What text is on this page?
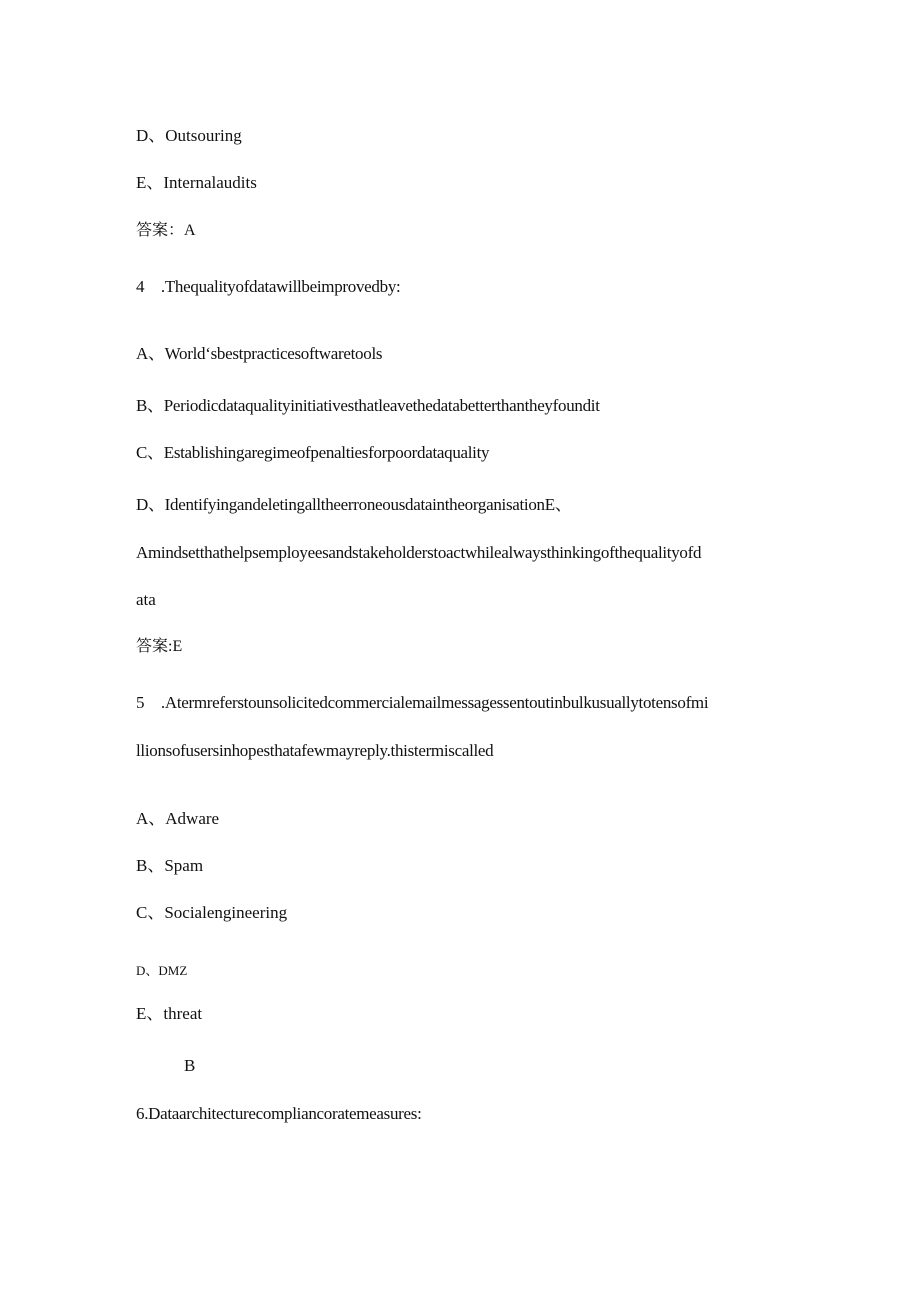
D、Outsouring
E、Internalaudits
答案：A
4 .Thequalityofdatawillbeimprovedby:
A、World‘sbestpracticesoftwaretools
B、Periodicdataqualityinitiativesthatleavethedatabetterthantheyfoundit
C、Establishingaregimeofpenaltiesforpoordataquality
D、IdentifyingandeletingalltheerroneousdataintheorganisationE、
Amindsetthathelpsemployeesandstakeholderstoactwhilealwaysthinkingofthequalityofd
ata
答案:E
5 .Atermreferstounsolicitedcommercialemailmessagessentoutinbulkusuallytotensofmi
llionsofusersinhopesthatafewmayreply.thistermiscalled
A、Adware
B、Spam
C、Socialengineering
D、DMZ
E、threat
B
6.Dataarchitecturecompliancoratemeasures:
